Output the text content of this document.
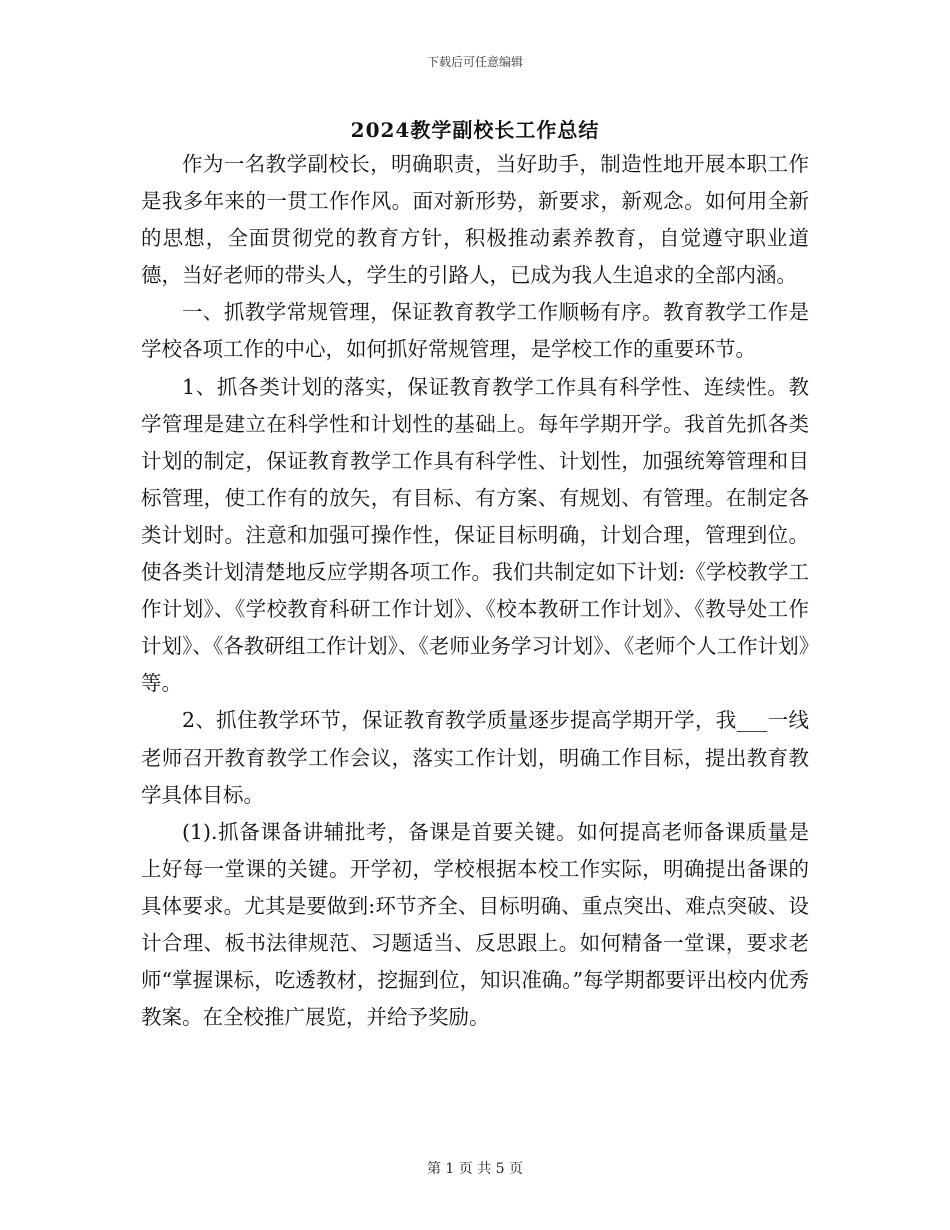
下载后可任意编辑
2024教学副校长工作总结

作为一名教学副校长，明确职责，当好助手，制造性地开展本职工作是我多年来的一贯工作作风。面对新形势，新要求，新观念。如何用全新的思想，全面贯彻党的教育方针，积极推动素养教育，自觉遵守职业道德，当好老师的带头人，学生的引路人，已成为我人生追求的全部内涵。

一、抓教学常规管理，保证教育教学工作顺畅有序。教育教学工作是学校各项工作的中心，如何抓好常规管理，是学校工作的重要环节。

1、抓各类计划的落实，保证教育教学工作具有科学性、连续性。教学管理是建立在科学性和计划性的基础上。每年学期开学。我首先抓各类计划的制定，保证教育教学工作具有科学性、计划性，加强统筹管理和目标管理，使工作有的放矢，有目标、有方案、有规划、有管理。在制定各类计划时。注意和加强可操作性，保证目标明确，计划合理，管理到位。使各类计划清楚地反应学期各项工作。我们共制定如下计划:《学校教学工作计划》、《学校教育科研工作计划》、《校本教研工作计划》、《教导处工作计划》、《各教研组工作计划》、《老师业务学习计划》、《老师个人工作计划》等。

2、抓住教学环节，保证教育教学质量逐步提高学期开学，我___一线老师召开教育教学工作会议，落实工作计划，明确工作目标，提出教育教学具体目标。

(1).抓备课备讲辅批考，备课是首要关键。如何提高老师备课质量是上好每一堂课的关键。开学初，学校根据本校工作实际，明确提出备课的具体要求。尤其是要做到:环节齐全、目标明确、重点突出、难点突破、设计合理、板书法律规范、习题适当、反思跟上。如何精备一堂课，要求老师“掌握课标，吃透教材，挖掘到位，知识准确。”每学期都要评出校内优秀教案。在全校推广展览，并给予奖励。

第 1 页 共 5 页
